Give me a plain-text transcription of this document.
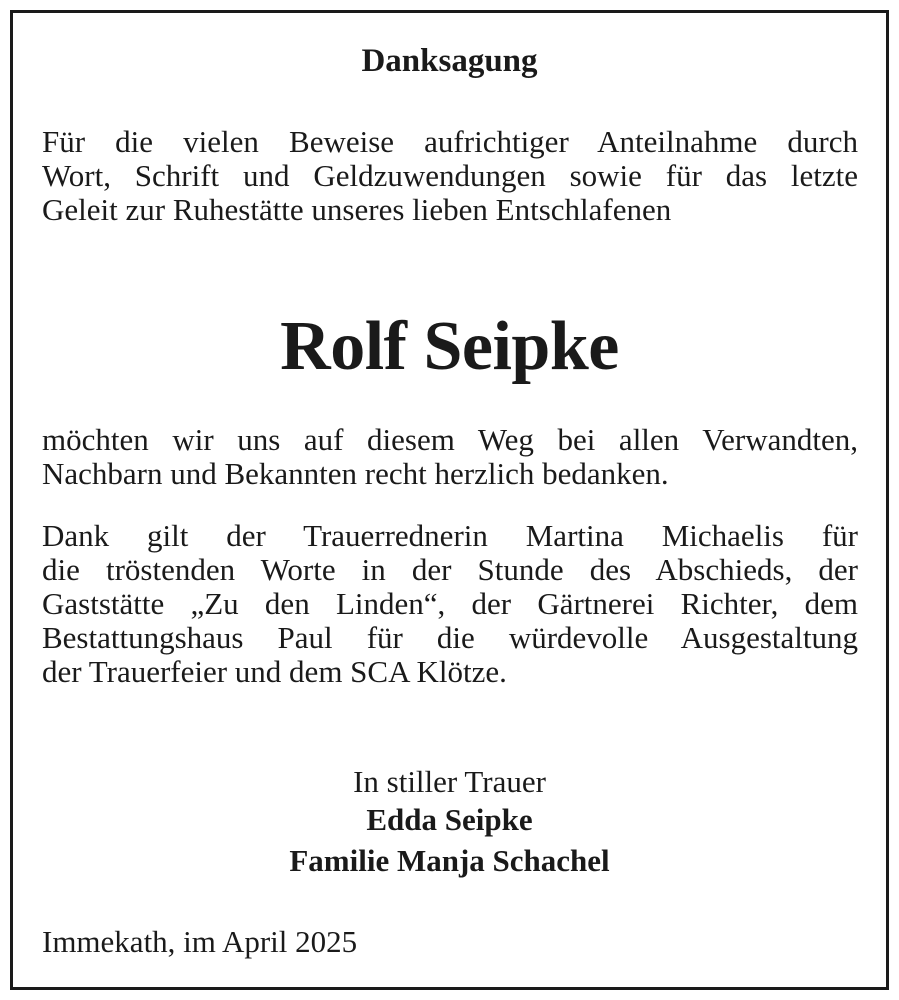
Danksagung

Für die vielen Beweise aufrichtiger Anteilnahme durch
Wort, Schrift und Geldzuwendungen sowie für das letzte
Geleit zur Ruhestätte unseres lieben Entschlafenen

Rolf Seipke

möchten wir uns auf diesem Weg bei allen Verwandten,
Nachbarn und Bekannten recht herzlich bedanken.

Dank gilt der Trauerrednerin Martina Michaelis für
die tröstenden Worte in der Stunde des Abschieds, der
Gaststätte „Zu den Linden“, der Gärtnerei Richter, dem
Bestattungshaus Paul für die würdevolle Ausgestaltung
der Trauerfeier und dem SCA Klötze.

In stiller Trauer
Edda Seipke
Familie Manja Schachel
Immekath, im April 2025
